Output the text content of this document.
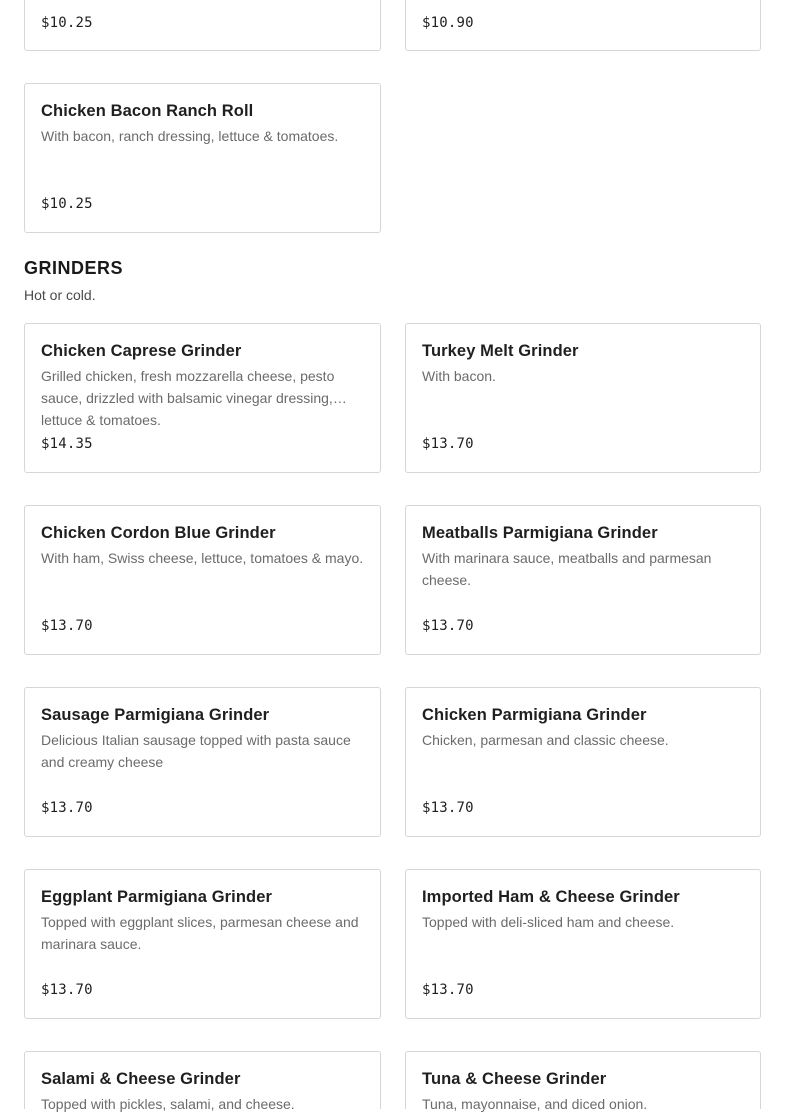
$10.25	$10.90
Chicken Bacon Ranch Roll
With bacon, ranch dressing, lettuce & tomatoes.
$10.25
GRINDERS
Hot or cold.
Chicken Caprese Grinder
Grilled chicken, fresh mozzarella cheese, pesto sauce, drizzled with balsamic vinegar dressing, lettuce & tomatoes.
$14.35
Turkey Melt Grinder
With bacon.
$13.70
Chicken Cordon Blue Grinder
With ham, Swiss cheese, lettuce, tomatoes & mayo.
$13.70
Meatballs Parmigiana Grinder
With marinara sauce, meatballs and parmesan cheese.
$13.70
Sausage Parmigiana Grinder
Delicious Italian sausage topped with pasta sauce and creamy cheese
$13.70
Chicken Parmigiana Grinder
Chicken, parmesan and classic cheese.
$13.70
Eggplant Parmigiana Grinder
Topped with eggplant slices, parmesan cheese and marinara sauce.
$13.70
Imported Ham & Cheese Grinder
Topped with deli-sliced ham and cheese.
$13.70
Salami & Cheese Grinder
Topped with pickles, salami, and cheese.
Tuna & Cheese Grinder
Tuna, mayonnaise, and diced onion.
